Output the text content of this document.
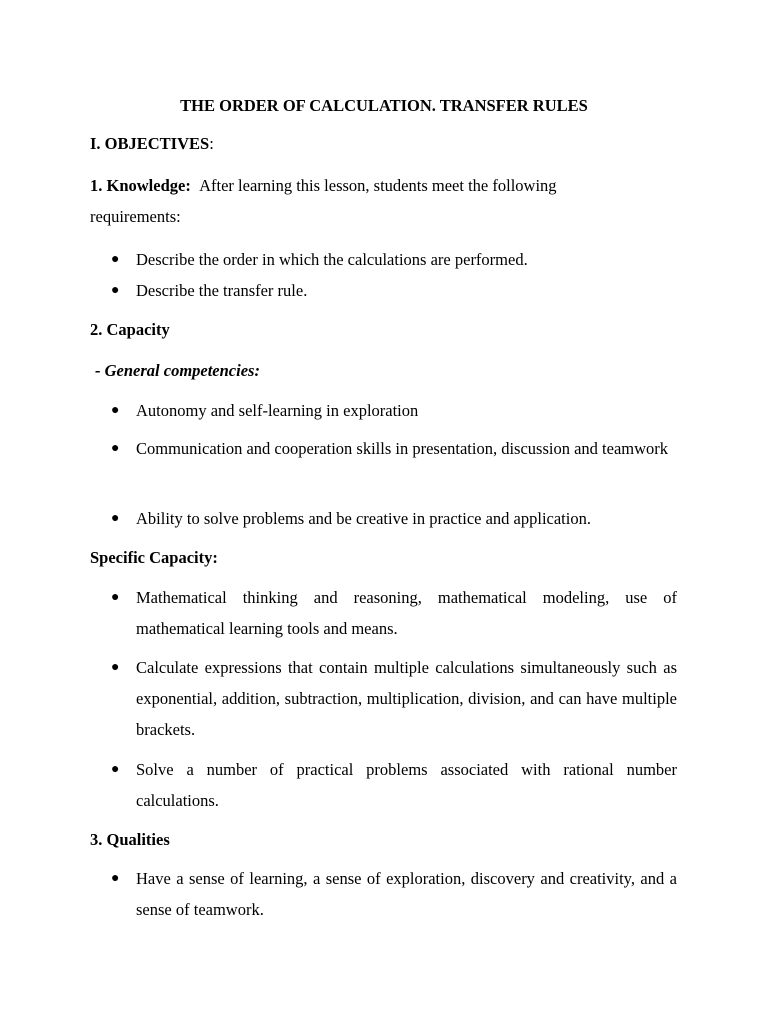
THE ORDER OF CALCULATION. TRANSFER RULES
I. OBJECTIVES:
1. Knowledge: After learning this lesson, students meet the following
requirements:
● Describe the order in which the calculations are performed.
● Describe the transfer rule.
2. Capacity
- General competencies:
● Autonomy and self-learning in exploration
● Communication and cooperation skills in presentation, discussion and teamwork
● Ability to solve problems and be creative in practice and application.
Specific Capacity:
● Mathematical thinking and reasoning, mathematical modeling, use of mathematical learning tools and means.
● Calculate expressions that contain multiple calculations simultaneously such as exponential, addition, subtraction, multiplication, division, and can have multiple brackets.
● Solve a number of practical problems associated with rational number calculations.
3. Qualities
● Have a sense of learning, a sense of exploration, discovery and creativity, and a sense of teamwork.
